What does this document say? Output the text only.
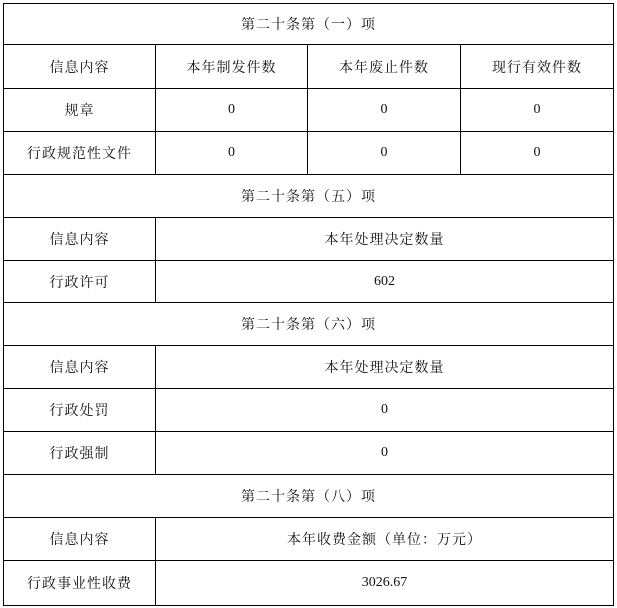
第二十条第（一）项			
信息内容	本年制发件数	本年废止件数	现行有效件数
规章	0	0	0
行政规范性文件	0	0	0
第二十条第（五）项			
信息内容	本年处理决定数量		
行政许可	602		
第二十条第（六）项			
信息内容	本年处理决定数量		
行政处罚	0		
行政强制	0		
第二十条第（八）项			
信息内容	本年收费金额（单位：万元）		
行政事业性收费	3026.67		
